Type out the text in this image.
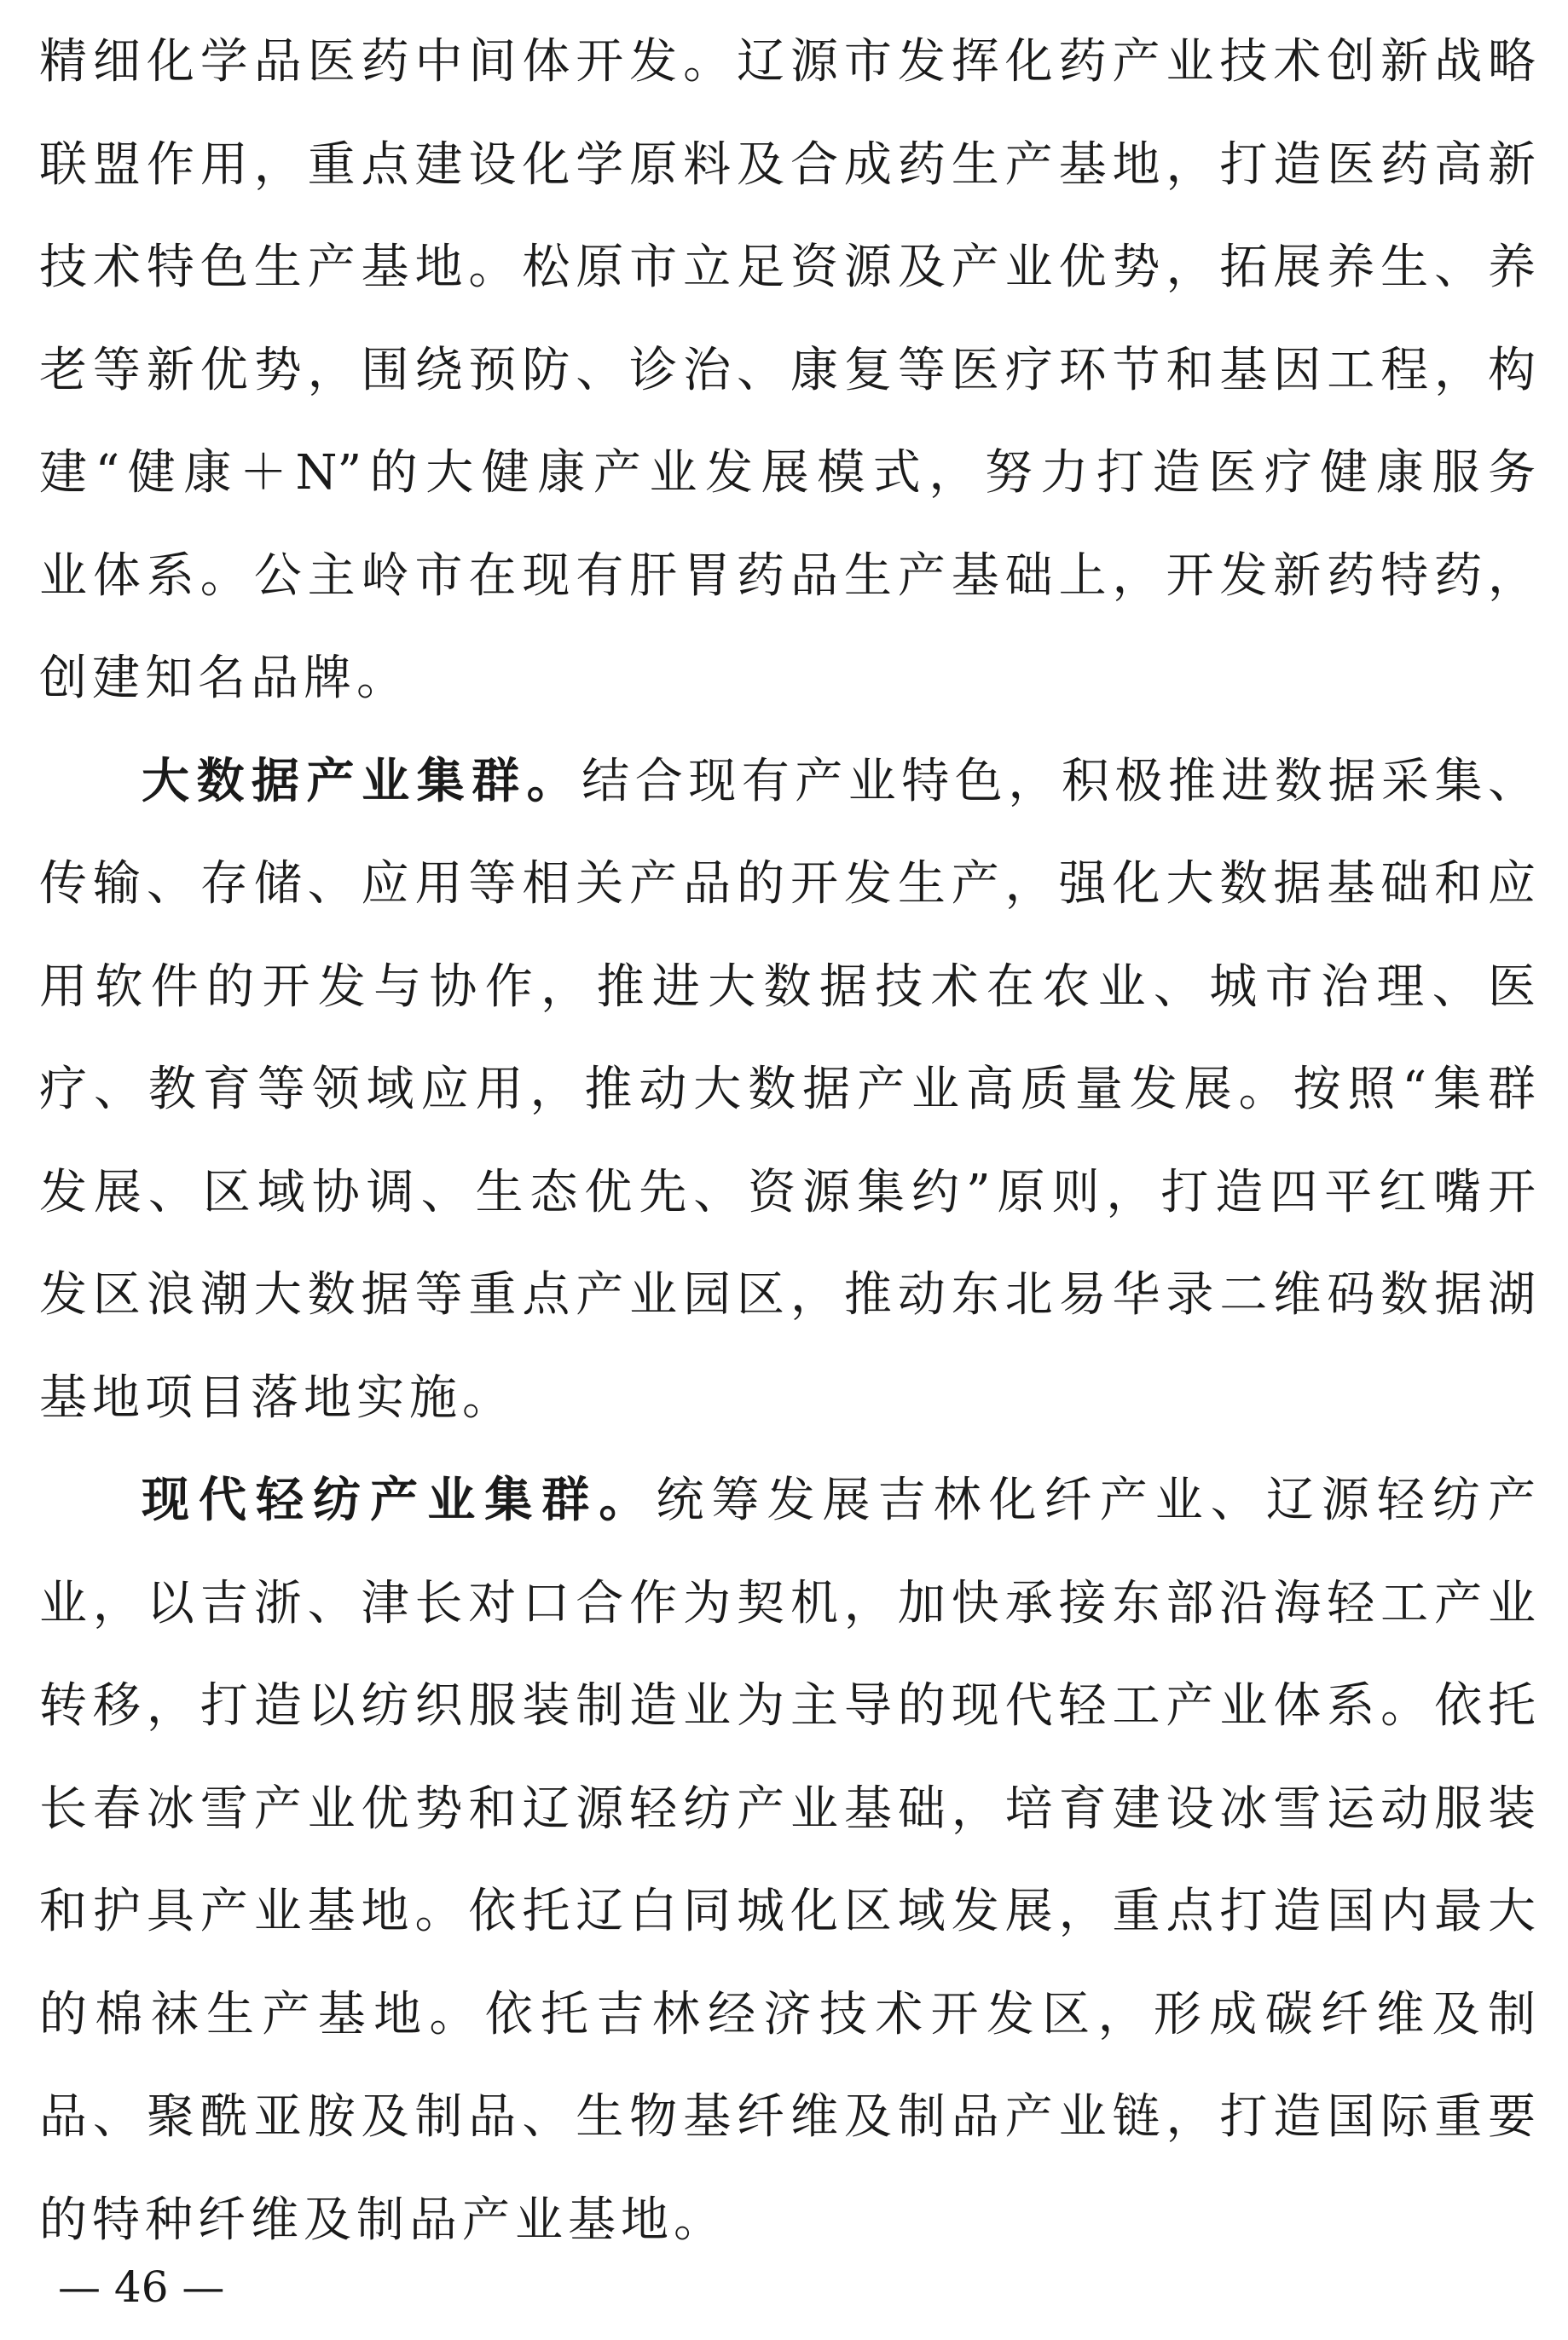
精细化学品医药中间体开发。辽源市发挥化药产业技术创新战略
联盟作用，重点建设化学原料及合成药生产基地，打造医药高新
技术特色生产基地。松原市立足资源及产业优势，拓展养生、养
老等新优势，围绕预防、诊治、康复等医疗环节和基因工程，构
建“健康＋N”的大健康产业发展模式，努力打造医疗健康服务
业体系。公主岭市在现有肝胃药品生产基础上，开发新药特药，
创建知名品牌。
大数据产业集群。结合现有产业特色，积极推进数据采集、
传输、存储、应用等相关产品的开发生产，强化大数据基础和应
用软件的开发与协作，推进大数据技术在农业、城市治理、医
疗、教育等领域应用，推动大数据产业高质量发展。按照“集群
发展、区域协调、生态优先、资源集约”原则，打造四平红嘴开
发区浪潮大数据等重点产业园区，推动东北易华录二维码数据湖
基地项目落地实施。
现代轻纺产业集群。统筹发展吉林化纤产业、辽源轻纺产
业，以吉浙、津长对口合作为契机，加快承接东部沿海轻工产业
转移，打造以纺织服装制造业为主导的现代轻工产业体系。依托
长春冰雪产业优势和辽源轻纺产业基础，培育建设冰雪运动服装
和护具产业基地。依托辽白同城化区域发展，重点打造国内最大
的棉袜生产基地。依托吉林经济技术开发区，形成碳纤维及制
品、聚酰亚胺及制品、生物基纤维及制品产业链，打造国际重要
的特种纤维及制品产业基地。
— 46 —
